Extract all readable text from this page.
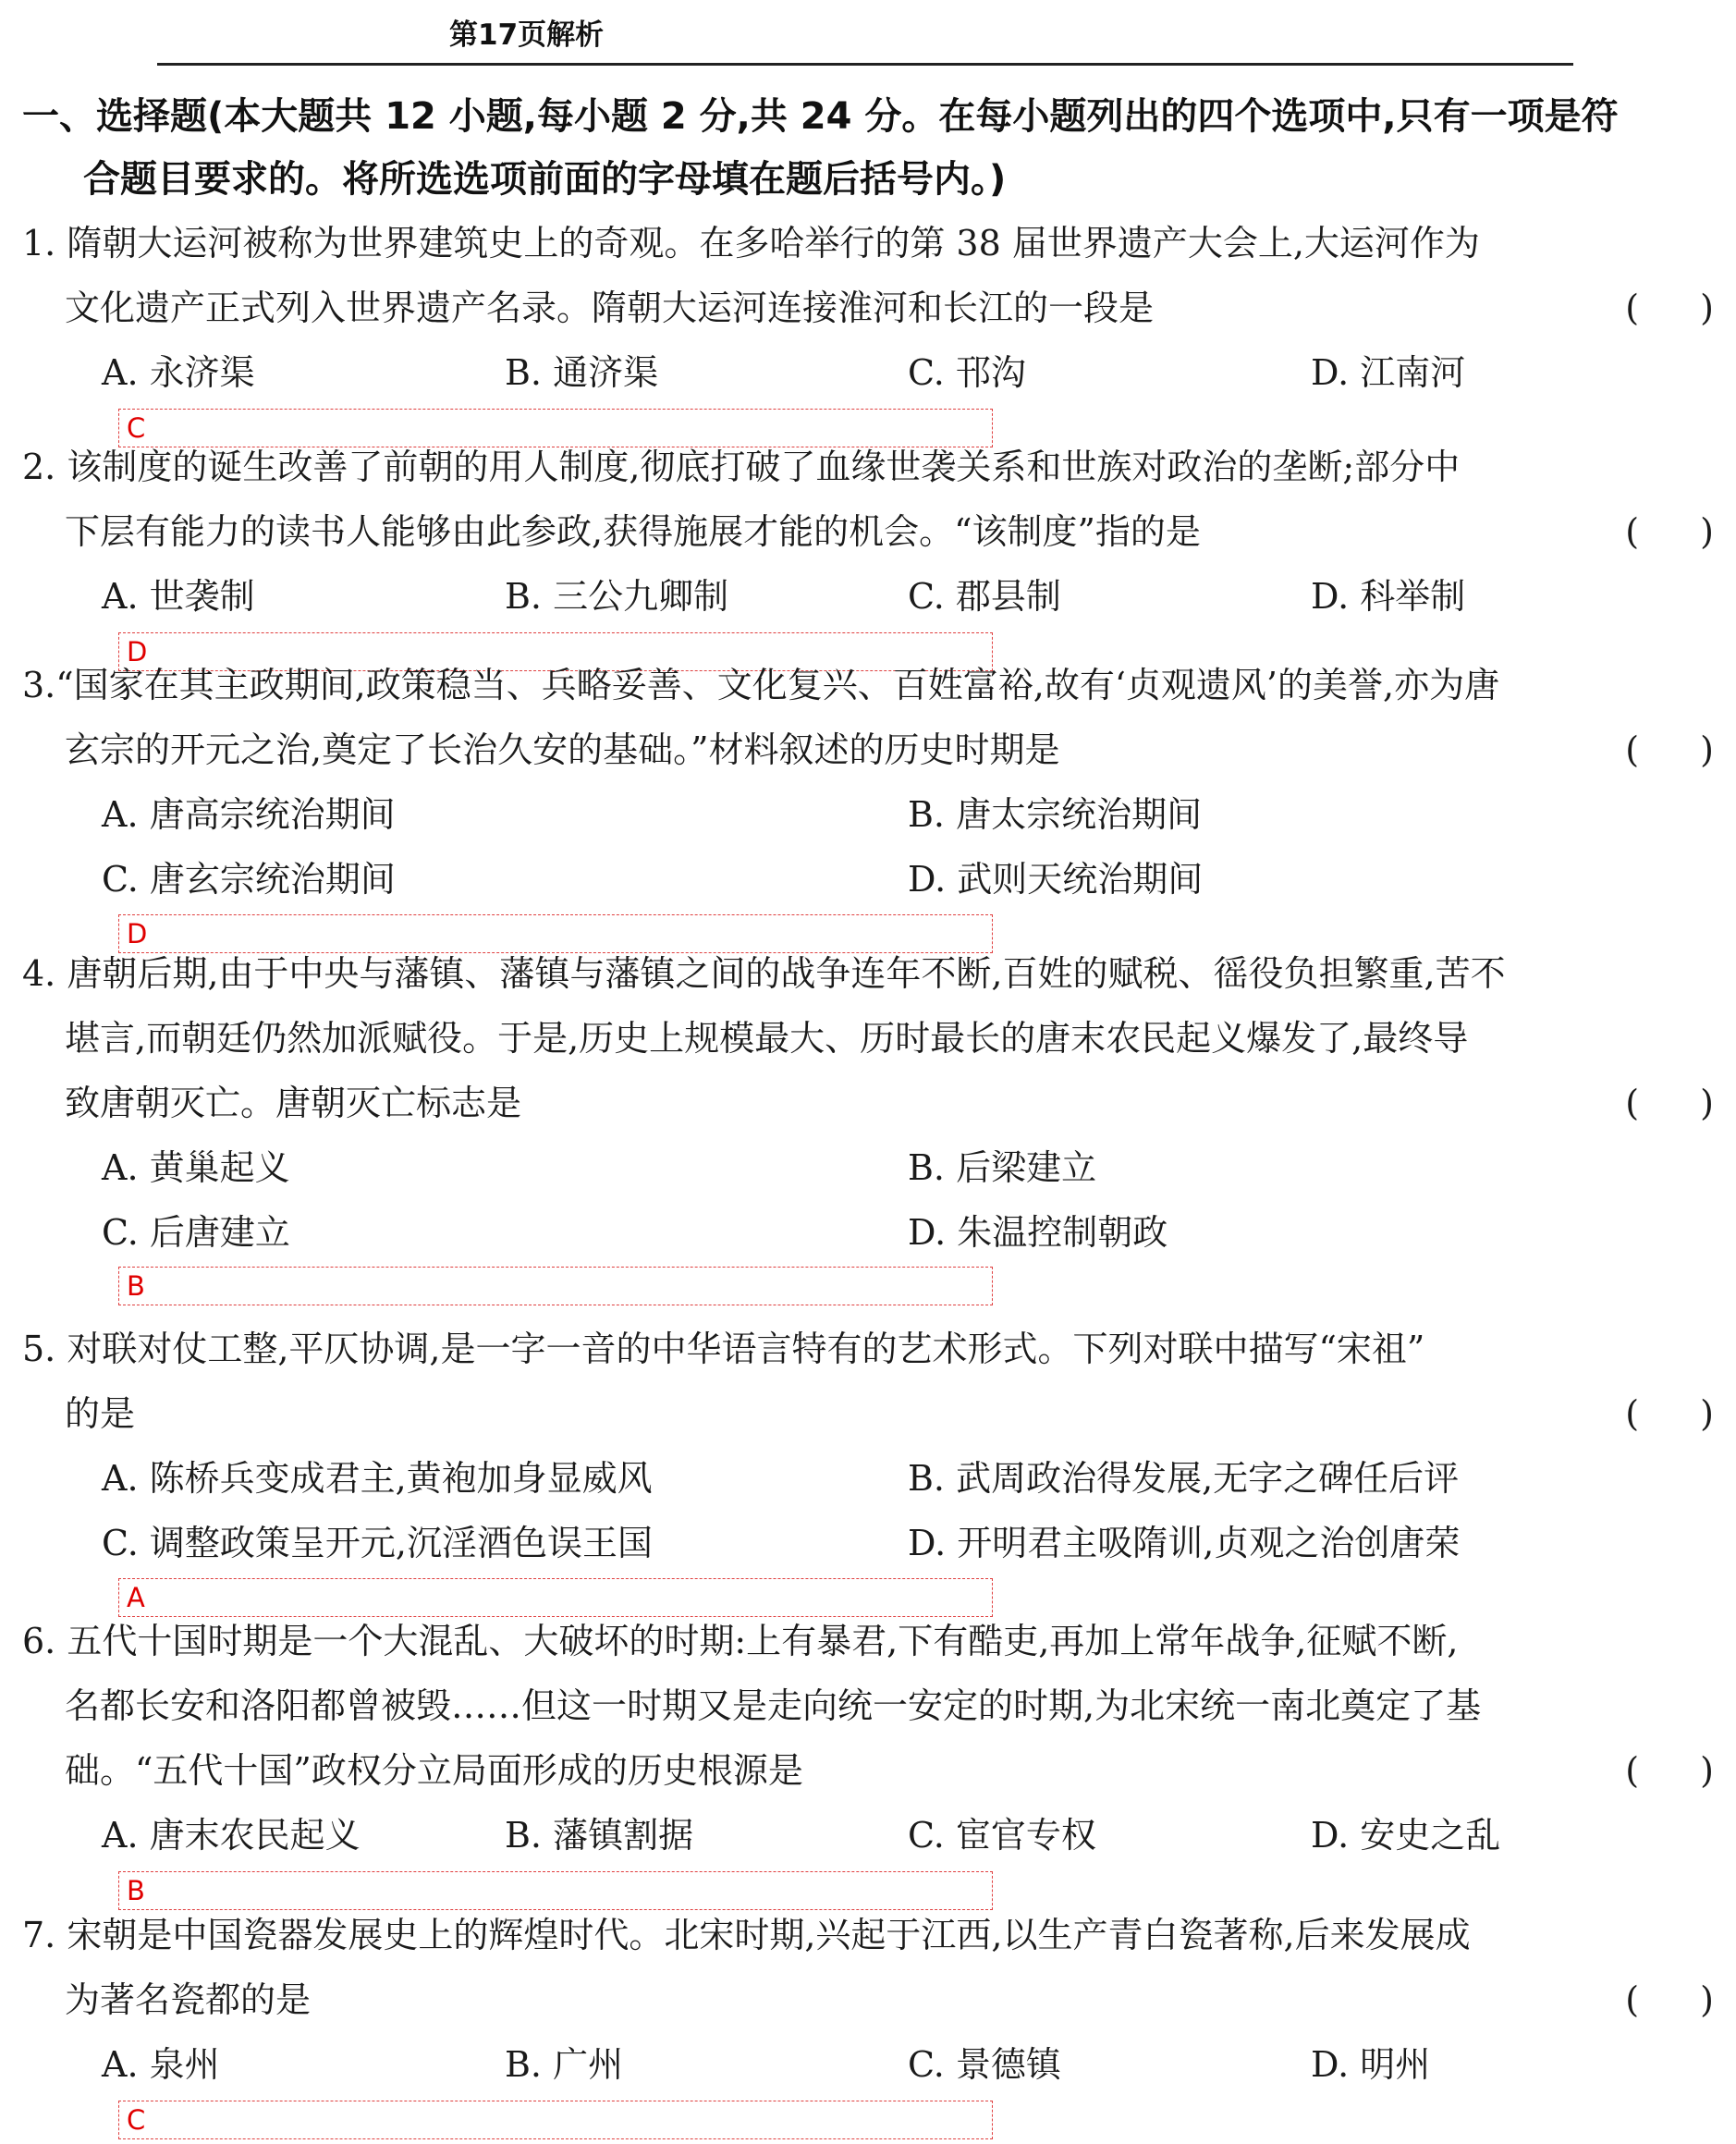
第17页解析
一、选择题(本大题共 12 小题,每小题 2 分,共 24 分。在每小题列出的四个选项中,只有一项是符
合题目要求的。将所选选项前面的字母填在题后括号内。)
1. 隋朝大运河被称为世界建筑史上的奇观。在多哈举行的第 38 届世界遗产大会上,大运河作为
文化遗产正式列入世界遗产名录。隋朝大运河连接淮河和长江的一段是	( )
A. 永济渠	B. 通济渠	C. 邗沟	D. 江南河
C
2. 该制度的诞生改善了前朝的用人制度,彻底打破了血缘世袭关系和世族对政治的垄断;部分中
下层有能力的读书人能够由此参政,获得施展才能的机会。“该制度”指的是	( )
A. 世袭制	B. 三公九卿制	C. 郡县制	D. 科举制
D
3.“国家在其主政期间,政策稳当、兵略妥善、文化复兴、百姓富裕,故有‘贞观遗风’的美誉,亦为唐
玄宗的开元之治,奠定了长治久安的基础。”材料叙述的历史时期是	( )
A. 唐高宗统治期间	B. 唐太宗统治期间
C. 唐玄宗统治期间	D. 武则天统治期间
D
4. 唐朝后期,由于中央与藩镇、藩镇与藩镇之间的战争连年不断,百姓的赋税、徭役负担繁重,苦不
堪言,而朝廷仍然加派赋役。于是,历史上规模最大、历时最长的唐末农民起义爆发了,最终导
致唐朝灭亡。唐朝灭亡标志是	( )
A. 黄巢起义	B. 后梁建立
C. 后唐建立	D. 朱温控制朝政
B
5. 对联对仗工整,平仄协调,是一字一音的中华语言特有的艺术形式。下列对联中描写“宋祖”
的是	( )
A. 陈桥兵变成君主,黄袍加身显威风	B. 武周政治得发展,无字之碑任后评
C. 调整政策呈开元,沉淫酒色误王国	D. 开明君主吸隋训,贞观之治创唐荣
A
6. 五代十国时期是一个大混乱、大破坏的时期:上有暴君,下有酷吏,再加上常年战争,征赋不断,
名都长安和洛阳都曾被毁……但这一时期又是走向统一安定的时期,为北宋统一南北奠定了基
础。“五代十国”政权分立局面形成的历史根源是	( )
A. 唐末农民起义	B. 藩镇割据	C. 宦官专权	D. 安史之乱
B
7. 宋朝是中国瓷器发展史上的辉煌时代。北宋时期,兴起于江西,以生产青白瓷著称,后来发展成
为著名瓷都的是	( )
A. 泉州	B. 广州	C. 景德镇	D. 明州
C
